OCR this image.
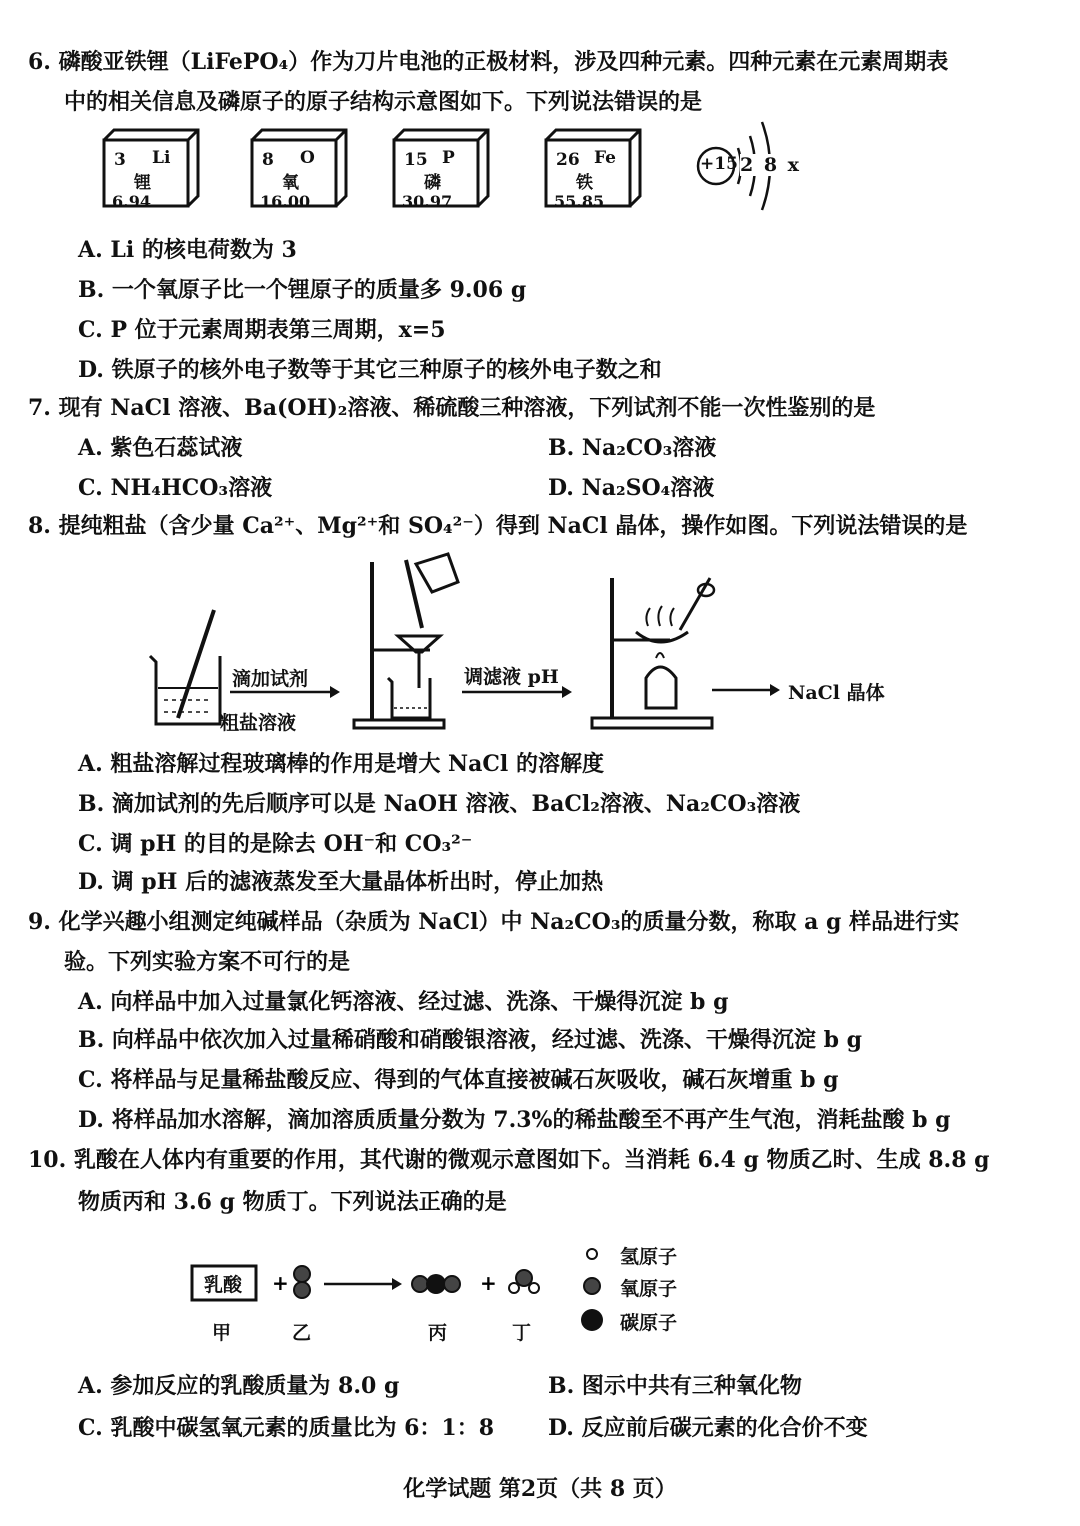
6. 磷酸亚铁锂（LiFePO₄）作为刀片电池的正极材料，涉及四种元素。四种元素在元素周期表
中的相关信息及磷原子的原子结构示意图如下。下列说法错误的是
3 Li
锂
6.94
8 O
氧
16.00
15 P
磷
30.97
26 Fe
铁
55.85
+15 2 8 x
A. Li 的核电荷数为 3
B. 一个氧原子比一个锂原子的质量多 9.06 g
C. P 位于元素周期表第三周期，x=5
D. 铁原子的核外电子数等于其它三种原子的核外电子数之和
7. 现有 NaCl 溶液、Ba(OH)₂溶液、稀硫酸三种溶液，下列试剂不能一次性鉴别的是
A. 紫色石蕊试液	B. Na₂CO₃溶液
C. NH₄HCO₃溶液	D. Na₂SO₄溶液
8. 提纯粗盐（含少量 Ca²⁺、Mg²⁺和 SO₄²⁻）得到 NaCl 晶体，操作如图。下列说法错误的是
滴加试剂
粗盐溶液
调滤液 pH
NaCl 晶体
A. 粗盐溶解过程玻璃棒的作用是增大 NaCl 的溶解度
B. 滴加试剂的先后顺序可以是 NaOH 溶液、BaCl₂溶液、Na₂CO₃溶液
C. 调 pH 的目的是除去 OH⁻和 CO₃²⁻
D. 调 pH 后的滤液蒸发至大量晶体析出时，停止加热
9. 化学兴趣小组测定纯碱样品（杂质为 NaCl）中 Na₂CO₃的质量分数，称取 a g 样品进行实
验。下列实验方案不可行的是
A. 向样品中加入过量氯化钙溶液、经过滤、洗涤、干燥得沉淀 b g
B. 向样品中依次加入过量稀硝酸和硝酸银溶液，经过滤、洗涤、干燥得沉淀 b g
C. 将样品与足量稀盐酸反应、得到的气体直接被碱石灰吸收，碱石灰增重 b g
D. 将样品加水溶解，滴加溶质质量分数为 7.3%的稀盐酸至不再产生气泡，消耗盐酸 b g
10. 乳酸在人体内有重要的作用，其代谢的微观示意图如下。当消耗 6.4 g 物质乙时、生成 8.8 g
物质丙和 3.6 g 物质丁。下列说法正确的是
+	+
乳酸
甲	乙	丙	丁
氢原子
氧原子
碳原子
A. 参加反应的乳酸质量为 8.0 g	B. 图示中共有三种氧化物
C. 乳酸中碳氢氧元素的质量比为 6：1：8 D. 反应前后碳元素的化合价不变
化学试题 第2页（共 8 页）
